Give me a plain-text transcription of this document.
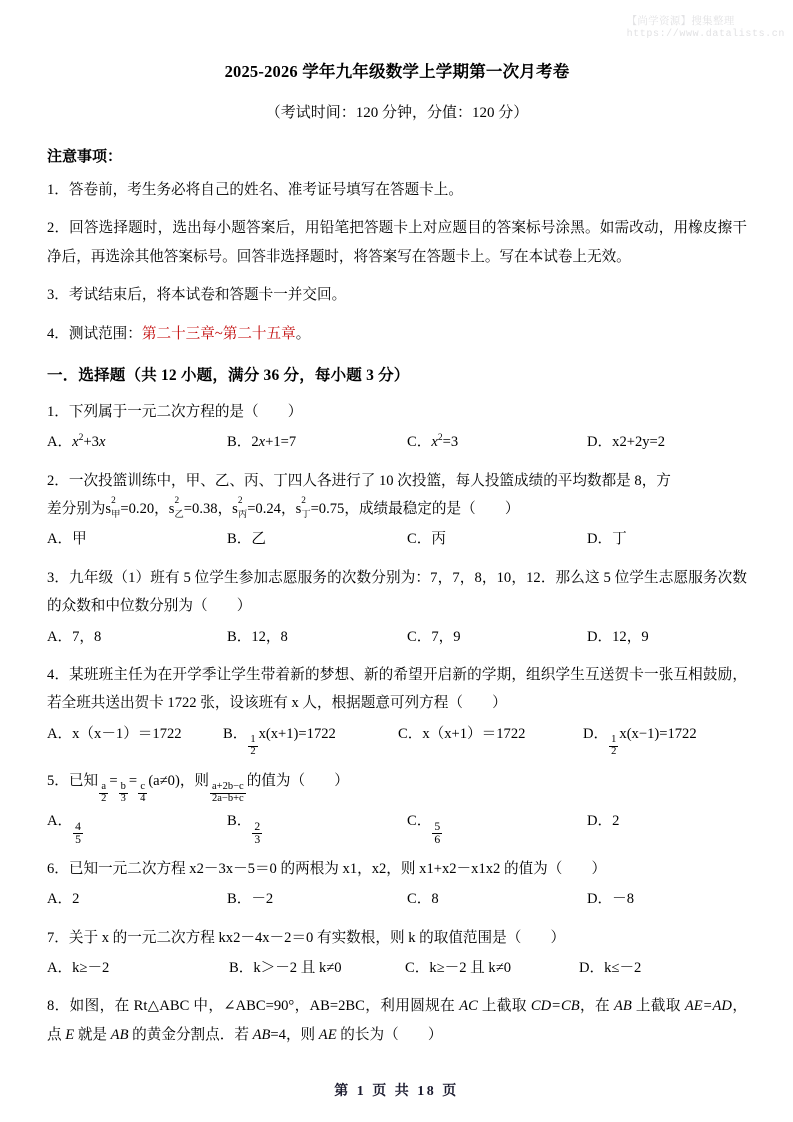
【尚学资源】搜集整理
https://www.datalists.cn
2025-2026 学年九年级数学上学期第一次月考卷
（考试时间：120 分钟，分值：120 分）
注意事项：
1．答卷前，考生务必将自己的姓名、准考证号填写在答题卡上。
2．回答选择题时，选出每小题答案后，用铅笔把答题卡上对应题目的答案标号涂黑。如需改动，用橡皮擦干净后，再选涂其他答案标号。回答非选择题时，将答案写在答题卡上。写在本试卷上无效。
3．考试结束后，将本试卷和答题卡一并交回。
4．测试范围：第二十三章~第二十五章。
一．选择题（共 12 小题，满分 36 分，每小题 3 分）
1．下列属于一元二次方程的是（　　）
A．$x^2+3x$	B．2x+1=7	C．$x^2=3$	D．x2+2y=2
2．一次投篮训练中，甲、乙、丙、丁四人各进行了 10 次投篮，每人投篮成绩的平均数都是 8，方
差分别为s 2
甲 =0.20，s 2
乙 =0.38，s 2
丙 =0.24，s 2
丁 =0.75，成绩最稳定的是（　　）
A．甲	B．乙	C．丙	D．丁
3．九年级（1）班有 5 位学生参加志愿服务的次数分别为：7，7，8，10，12．那么这 5 位学生志愿服务次数的众数和中位数分别为（　　）
A．7，8	B．12，8	C．7，9	D．12，9
4．某班班主任为在开学季让学生带着新的梦想、新的希望开启新的学期，组织学生互送贺卡一张互相鼓励，若全班共送出贺卡 1722 张，设该班有 x 人，根据题意可列方程（　　）
A．x（x－1）＝1722	B．
$\frac{1}{2}$
x(x+1)=1722	C．x（x+1）＝1722	D．
$\frac{1}{2}$
x(x−1)=1722
5．已知
$\frac{a}{2}$
=
$\frac{b}{3}$
=
$\frac{c}{4}$
(a≠0)，则
$\frac{a+2b-c}{2a-b+c}$
的值为（　　）
A．
$\frac{4}{5}$
B．
$\frac{2}{3}$
C．
$\frac{5}{6}$
D．2
6．已知一元二次方程 x2－3x－5＝0 的两根为 x1，x2，则 x1+x2－x1x2 的值为（　　）
A．2	B．－2	C．8	D．－8
7．关于 x 的一元二次方程 kx2－4x－2＝0 有实数根，则 k 的取值范围是（　　）
A．k≥－2	B．k＞－2 且 k≠0	C．k≥－2 且 k≠0	D．k≤－2
8．如图，在 Rt△ABC 中，∠ABC=90°，AB=2BC，利用圆规在 AC 上截取 CD=CB，在 AB 上截取 AE=AD，点 E 就是 AB 的黄金分割点．若 AB=4，则 AE 的长为（　　）
第 1 页 共 18 页
